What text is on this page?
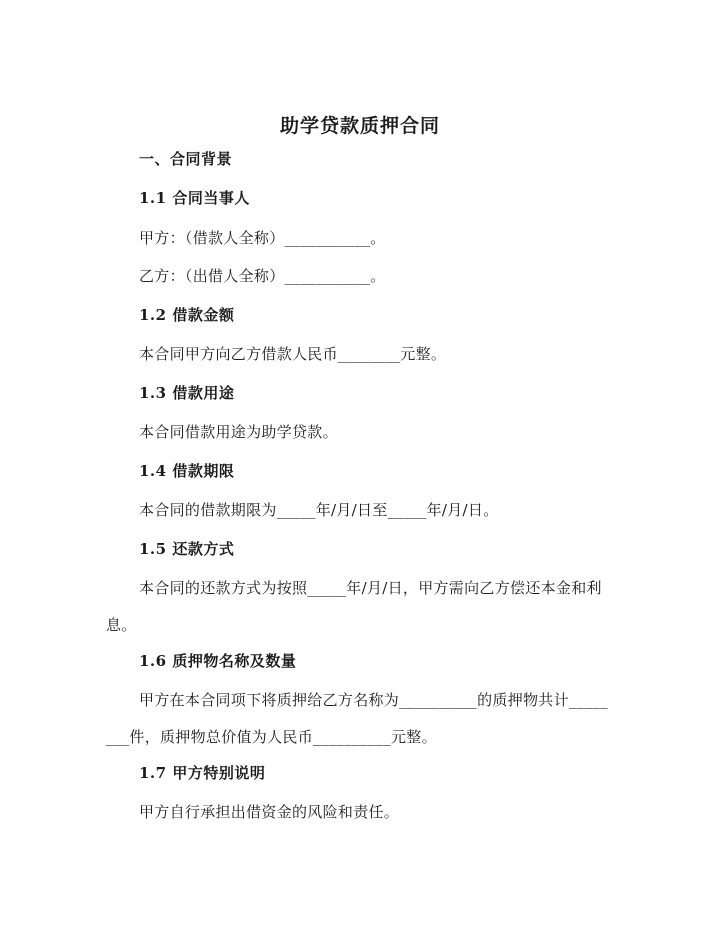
助学贷款质押合同
一、合同背景
1.1 合同当事人
甲方：（借款人全称）___________。
乙方：（出借人全称）___________。
1.2 借款金额
本合同甲方向乙方借款人民币________元整。
1.3 借款用途
本合同借款用途为助学贷款。
1.4 借款期限
本合同的借款期限为_____年/月/日至_____年/月/日。
1.5 还款方式
本合同的还款方式为按照_____年/月/日，甲方需向乙方偿还本金和利息。
1.6 质押物名称及数量
甲方在本合同项下将质押给乙方名称为__________的质押物共计________件，质押物总价值为人民币__________元整。
1.7 甲方特别说明
甲方自行承担出借资金的风险和责任。
